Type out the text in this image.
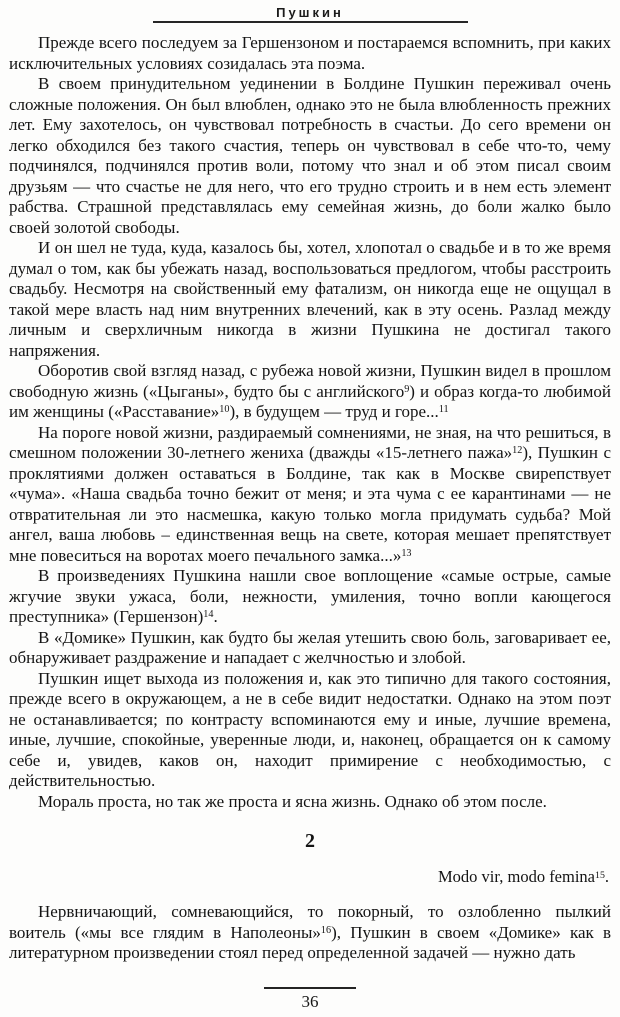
Пушкин

Прежде всего последуем за Гершензоном и постараемся вспомнить, при каких исключительных условиях созидалась эта поэма.

В своем принудительном уединении в Болдине Пушкин переживал очень сложные положения. Он был влюблен, однако это не была влюбленность прежних лет. Ему захотелось, он чувствовал потребность в счастьи. До сего времени он легко обходился без такого счастия, теперь он чувствовал в себе что-то, чему подчинялся, подчинялся против воли, потому что знал и об этом писал своим друзьям — что счастье не для него, что его трудно строить и в нем есть элемент рабства. Страшной представлялась ему семейная жизнь, до боли жалко было своей золотой свободы.

И он шел не туда, куда, казалось бы, хотел, хлопотал о свадьбе и в то же время думал о том, как бы убежать назад, воспользоваться предлогом, чтобы расстроить свадьбу. Несмотря на свойственный ему фатализм, он никогда еще не ощущал в такой мере власть над ним внутренних влечений, как в эту осень. Разлад между личным и сверхличным никогда в жизни Пушкина не достигал такого напряжения.

Оборотив свой взгляд назад, с рубежа новой жизни, Пушкин видел в прошлом свободную жизнь («Цыганы», будто бы с английского$^9$) и образ когда-то любимой им женщины («Расставание»$^{10}$), в будущем — труд и горе...$^{11}$

На пороге новой жизни, раздираемый сомнениями, не зная, на что решиться, в смешном положении 30-летнего жениха (дважды «15-летнего пажа»$^{12}$), Пушкин с проклятиями должен оставаться в Болдине, так как в Москве свирепствует «чума». «Наша свадьба точно бежит от меня; и эта чума с ее карантинами — не отвратительная ли это насмешка, какую только могла придумать судьба? Мой ангел, ваша любовь – единственная вещь на свете, которая мешает препятствует мне повеситься на воротах моего печального замка...»$^{13}$

В произведениях Пушкина нашли свое воплощение «самые острые, самые жгучие звуки ужаса, боли, нежности, умиления, точно вопли кающегося преступника» (Гершензон)$^{14}$.

В «Домике» Пушкин, как будто бы желая утешить свою боль, заговаривает ее, обнаруживает раздражение и нападает с желчностью и злобой.

Пушкин ищет выхода из положения и, как это типично для такого состояния, прежде всего в окружающем, а не в себе видит недостатки. Однако на этом поэт не останавливается; по контрасту вспоминаются ему и иные, лучшие времена, иные, лучшие, спокойные, уверенные люди, и, наконец, обращается он к самому себе и, увидев, каков он, находит примирение с необходимостью, с действительностью.

Мораль проста, но так же проста и ясна жизнь. Однако об этом после.

2
Modo vir, modo femina$^{15}$.

Нервничающий, сомневающийся, то покорный, то озлобленно пылкий воитель («мы все глядим в Наполеоны»$^{16}$), Пушкин в своем «Домике» как в литературном произведении стоял перед определенной задачей — нужно дать

36
